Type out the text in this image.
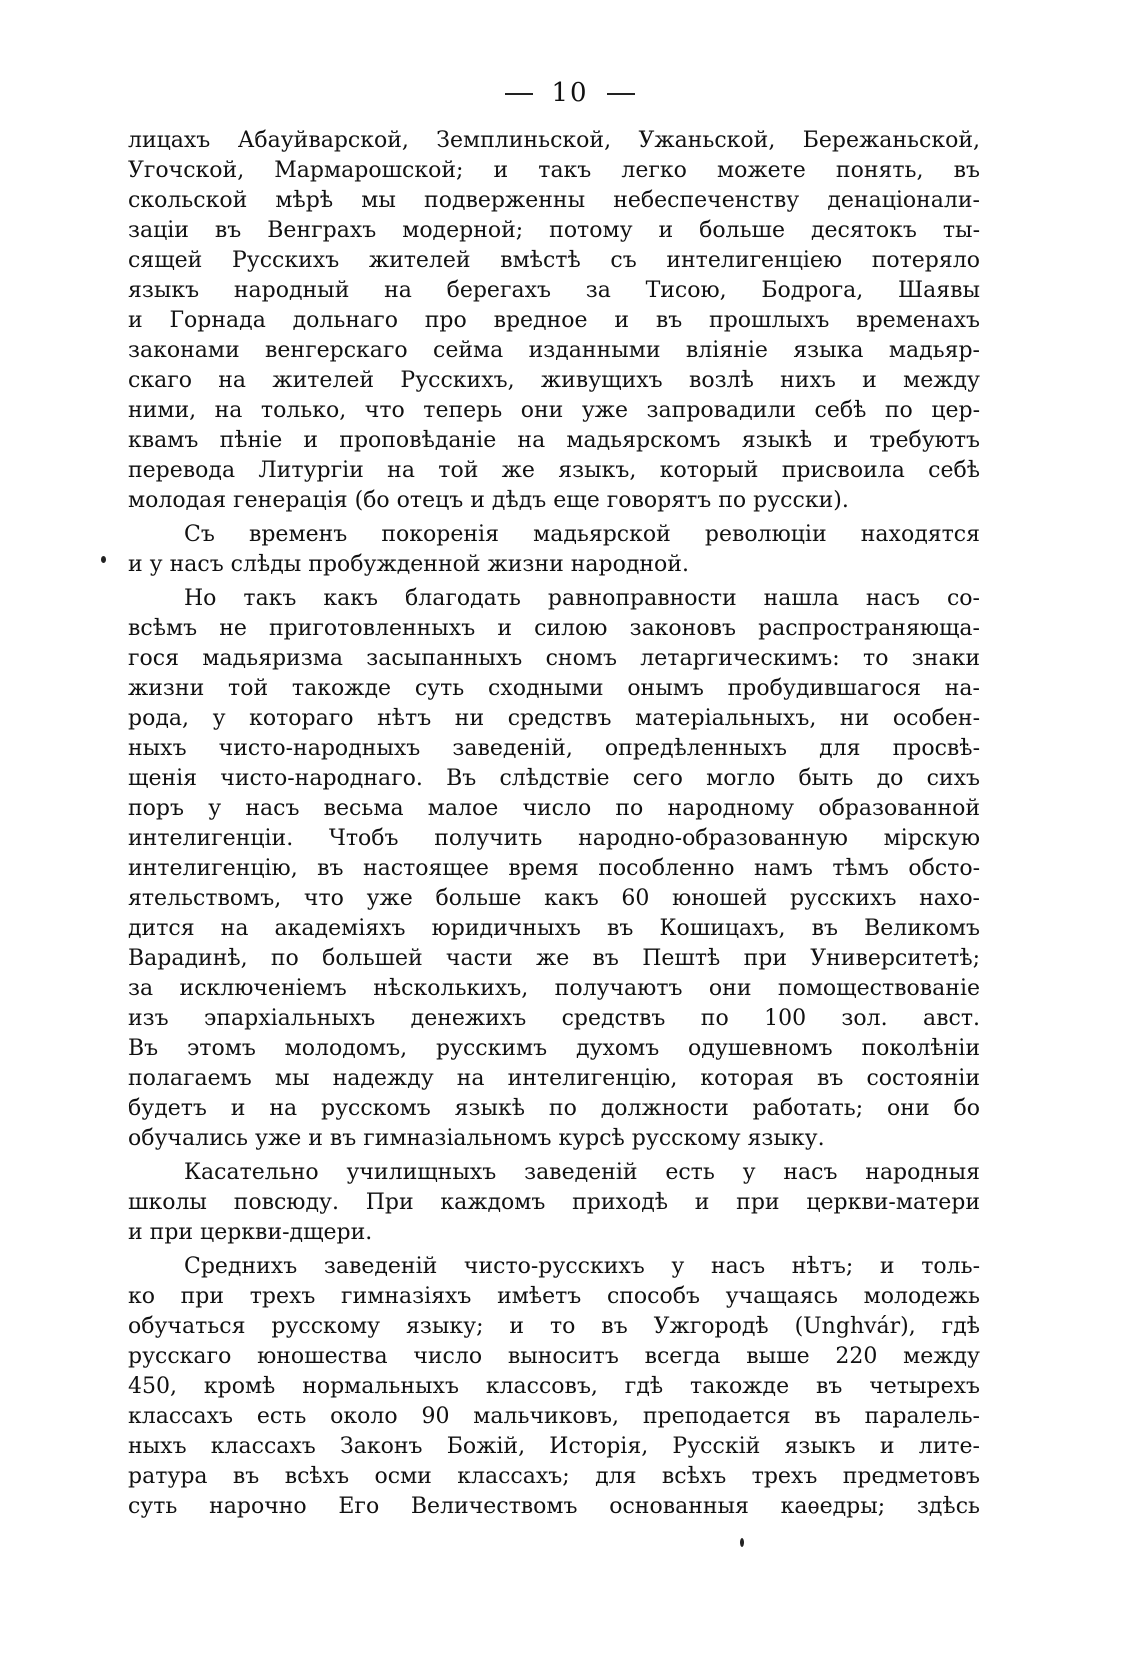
10
лицахъ Абауйварской, Земплиньской, Ужаньской, Бережаньской,
Угочской, Мармарошской; и такъ легко можете понять, въ
скольской мѣрѣ мы подверженны небеспеченству денаціонали-
заціи въ Венграхъ модерной; потому и больше десятокъ ты-
сящей Русскихъ жителей вмѣстѣ съ интелигенціею потеряло
языкъ народный на берегахъ за Тисою, Бодрога, Шаявы
и Горнада дольнаго про вредное и въ прошлыхъ временахъ
законами венгерскаго сейма изданными вліяніе языка мадьяр-
скаго на жителей Русскихъ, живущихъ возлѣ нихъ и между
ними, на только, что теперь они уже запровадили себѣ по цер-
квамъ пѣніе и проповѣданіе на мадьярскомъ языкѣ и требуютъ
перевода Литургіи на той же языкъ, который присвоила себѣ
молодая генерація (бо отецъ и дѣдъ еще говорятъ по русски).
Съ временъ покоренія мадьярской революціи находятся
и у насъ слѣды пробужденной жизни народной.
Но такъ какъ благодать равноправности нашла насъ со-
всѣмъ не приготовленныхъ и силою законовъ распространяюща-
гося мадьяризма засыпанныхъ сномъ летаргическимъ: то знаки
жизни той такожде суть сходными онымъ пробудившагося на-
рода, у котораго нѣтъ ни средствъ матеріальныхъ, ни особен-
ныхъ чисто-народныхъ заведеній, опредѣленныхъ для просвѣ-
щенія чисто-народнаго. Въ слѣдствіе сего могло быть до сихъ
поръ у насъ весьма малое число по народному образованной
интелигенціи. Чтобъ получить народно-образованную мірскую
интелигенцію, въ настоящее время пособленно намъ тѣмъ обсто-
ятельствомъ, что уже больше какъ 60 юношей русскихъ нахо-
дится на академіяхъ юридичныхъ въ Кошицахъ, въ Великомъ
Варадинѣ, по большей части же въ Пештѣ при Университетѣ;
за исключеніемъ нѣсколькихъ, получаютъ они помоществованіе
изъ эпархіальныхъ денежихъ средствъ по 100 зол. авст.
Въ этомъ молодомъ, русскимъ духомъ одушевномъ поколѣніи
полагаемъ мы надежду на интелигенцію, которая въ состояніи
будетъ и на русскомъ языкѣ по должности работать; они бо
обучались уже и въ гимназіальномъ курсѣ русскому языку.
Касательно училищныхъ заведеній есть у насъ народныя
школы повсюду. При каждомъ приходѣ и при церкви-матери
и при церкви-дщери.
Среднихъ заведеній чисто-русскихъ у насъ нѣтъ; и толь-
ко при трехъ гимназіяхъ имѣетъ способъ учащаясь молодежь
обучаться русскому языку; и то въ Ужгородѣ (Unghvár), гдѣ
русскаго юношества число выноситъ всегда выше 220 между
450, кромѣ нормальныхъ классовъ, гдѣ такожде въ четырехъ
классахъ есть около 90 мальчиковъ, преподается въ паралель-
ныхъ классахъ Законъ Божій, Исторія, Русскій языкъ и лите-
ратура въ всѣхъ осми классахъ; для всѣхъ трехъ предметовъ
суть нарочно Его Величествомъ основанныя каѳедры; здѣсь
